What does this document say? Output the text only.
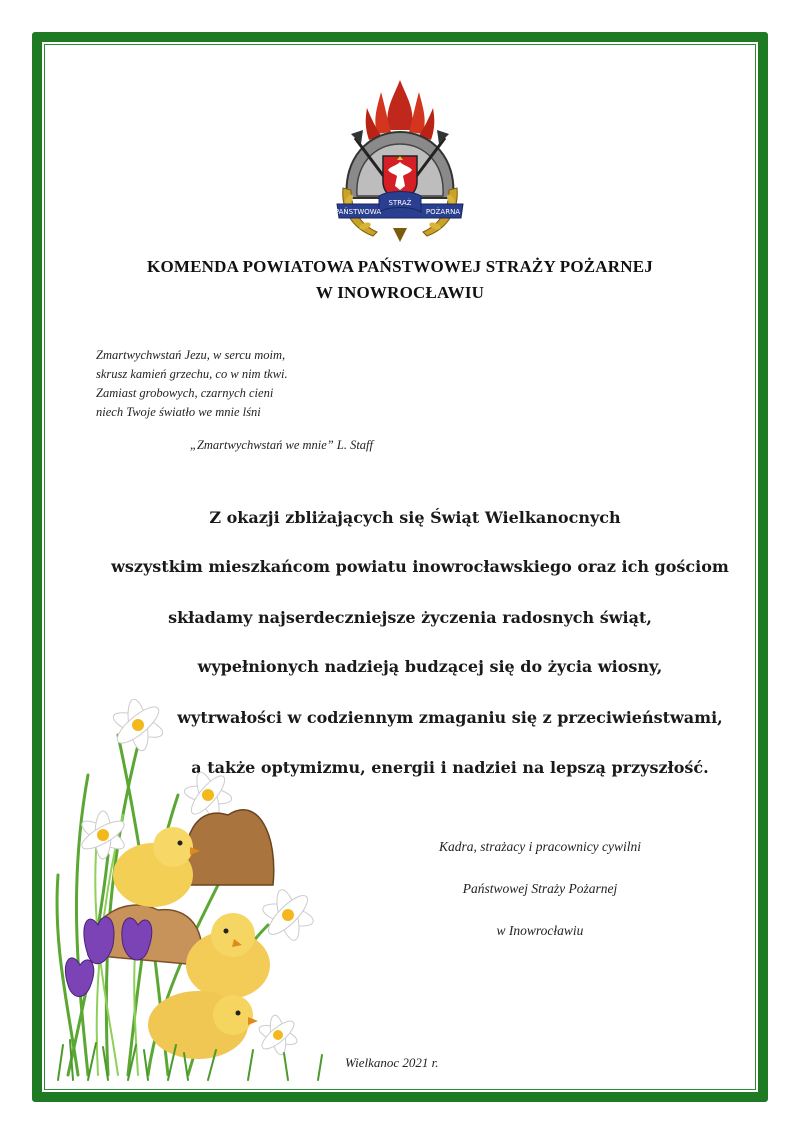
PAŃSTWOWA
STRAŻ
POŻARNA
KOMENDA POWIATOWA PAŃSTWOWEJ STRAŻY POŻARNEJ
W INOWROCŁAWIU
Zmartwychwstań Jezu, w sercu moim,
skrusz kamień grzechu, co w nim tkwi.
Zamiast grobowych, czarnych cieni
niech Twoje światło we mnie lśni
„Zmartwychwstań we mnie” L. Staff
Z okazji zbliżających się Świąt Wielkanocnych
wszystkim mieszkańcom powiatu inowrocławskiego oraz ich gościom
składamy najserdeczniejsze życzenia radosnych świąt,
wypełnionych nadzieją budzącej się do życia wiosny,
wytrwałości w codziennym zmaganiu się z przeciwieństwami,
a także optymizmu, energii i nadziei na lepszą przyszłość.
Kadra, strażacy i pracownicy cywilni
Państwowej Straży Pożarnej
w Inowrocławiu
Wielkanoc 2021 r.
